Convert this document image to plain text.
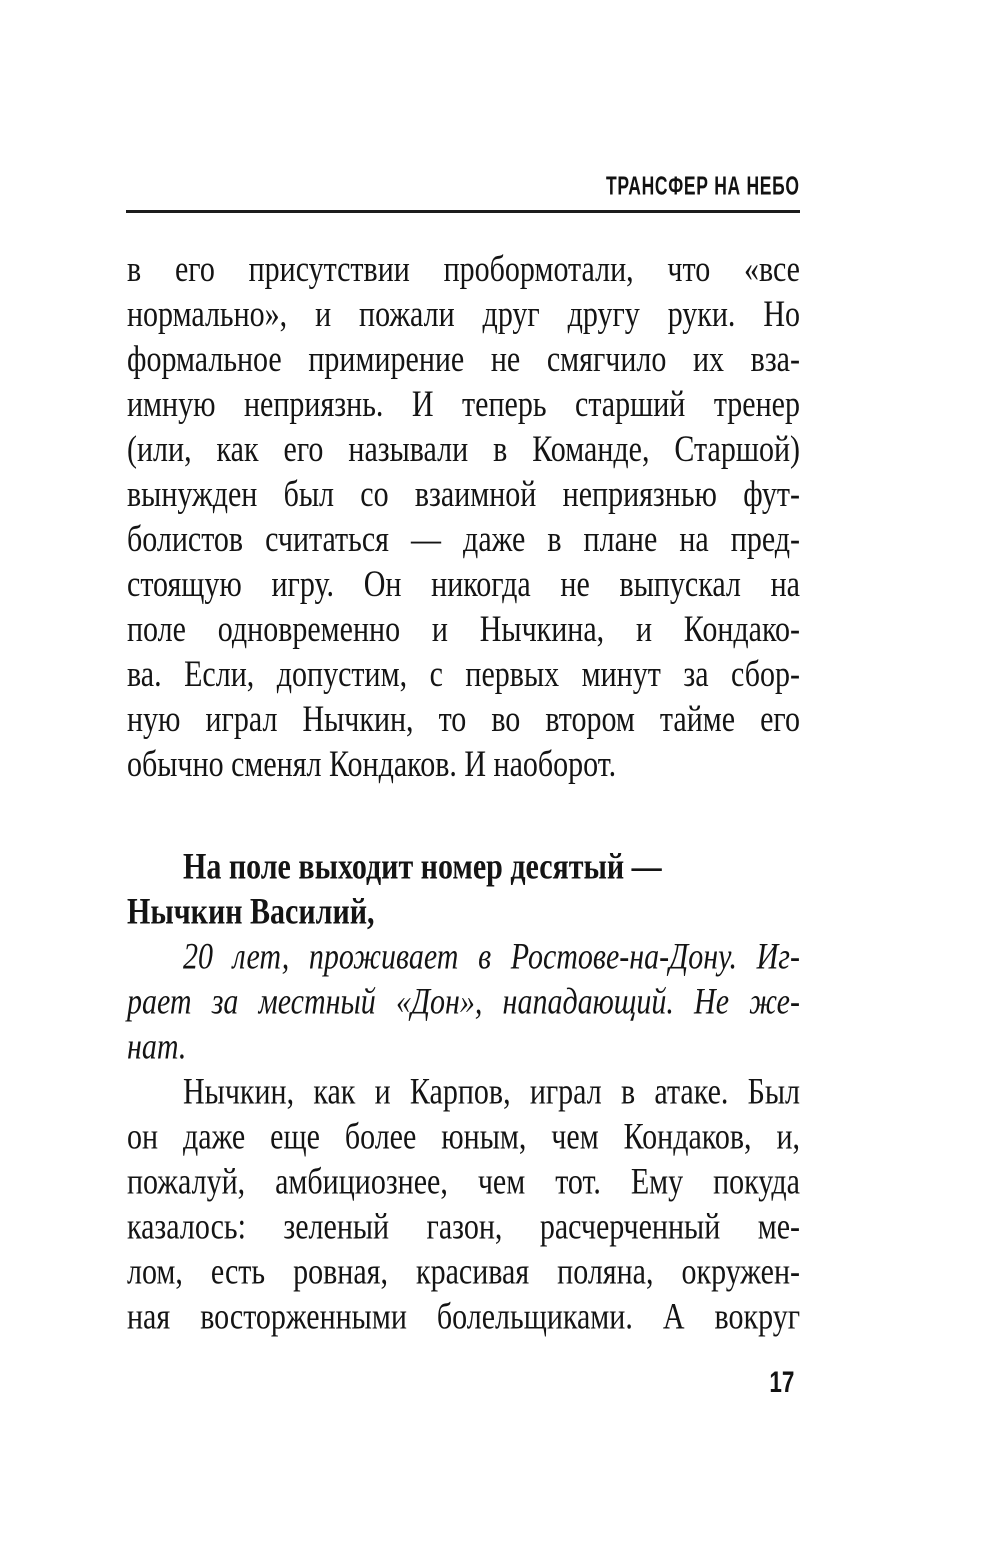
ТРАНСФЕР НА НЕБО
в его присутствии пробормотали, что «все
нормально», и пожали друг другу руки. Но
формальное примирение не смягчило их вза-
имную неприязнь. И теперь старший тренер
(или, как его называли в Команде, Старшой)
вынужден был со взаимной неприязнью фут-
болистов считаться — даже в плане на пред-
стоящую игру. Он никогда не выпускал на
поле одновременно и Нычкина, и Кондако-
ва. Если, допустим, с первых минут за сбор-
ную играл Нычкин, то во втором тайме его
обычно сменял Кондаков. И наоборот.
На поле выходит номер десятый —
Нычкин Василий,
20 лет, проживает в Ростове-на-Дону. Иг-
рает за местный «Дон», нападающий. Не же-
нат.
Нычкин, как и Карпов, играл в атаке. Был
он даже еще более юным, чем Кондаков, и,
пожалуй, амбициознее, чем тот. Ему покуда
казалось: зеленый газон, расчерченный ме-
лом, есть ровная, красивая поляна, окружен-
ная восторженными болельщиками. А вокруг
17
